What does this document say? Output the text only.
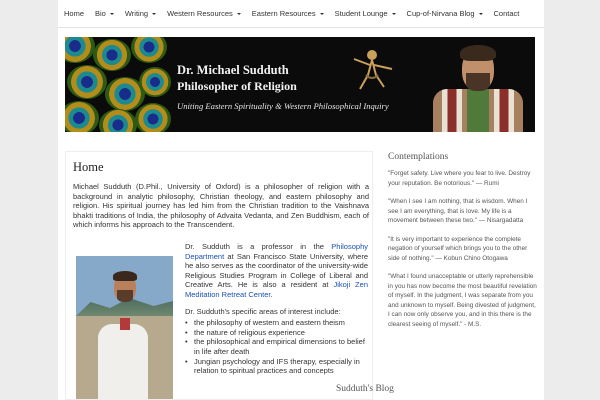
Home Bio	Writing	Western Resources	Eastern Resources	Student Lounge	Cup-of-Nirvana Blog	Contact
Dr. Michael Sudduth
Philosopher of Religion
Uniting Eastern Spirituality & Western Philosophical Inquiry
Home

Michael Sudduth (D.Phil., University of Oxford) is a philosopher of religion with a background in analytic philosophy, Christian theology, and eastern philosophy and religion. His spiritual journey has led him from the Christian tradition to the Vaishnava bhakti traditions of India, the philosophy of Advaita Vedanta, and Zen Buddhism, each of which informs his approach to the Transcendent.

Dr. Sudduth is a professor in the Philosophy Department at San Francisco State University, where he also serves as the coordinator of the university-wide Religious Studies Program in College of Liberal and Creative Arts. He is also a resident at Jikoji Zen Meditation Retreat Center.

Dr. Sudduth's specific areas of interest include:

• the philosophy of western and eastern theism
• the nature of religious experience
• the philosophical and empirical dimensions to belief in life after death
• Jungian psychology and IFS therapy, especially in relation to spiritual practices and concepts
Contemplations

"Forget safety. Live where you fear to live. Destroy your reputation. Be notorious." — Rumi

"When I see I am nothing, that is wisdom. When I see I am everything, that is love. My life is a movement between these two." — Nisargadatta

"It is very important to experience the complete negation of yourself which brings you to the other side of nothing." — Kobun Chino Otogawa

"What I found unacceptable or utterly reprehensible in you has now become the most beautiful revelation of myself. In the judgment, I was separate from you and unknown to myself. Being divested of judgment, I can now only observe you, and in this there is the clearest seeing of myself." - M.S.

Sudduth's Blog
